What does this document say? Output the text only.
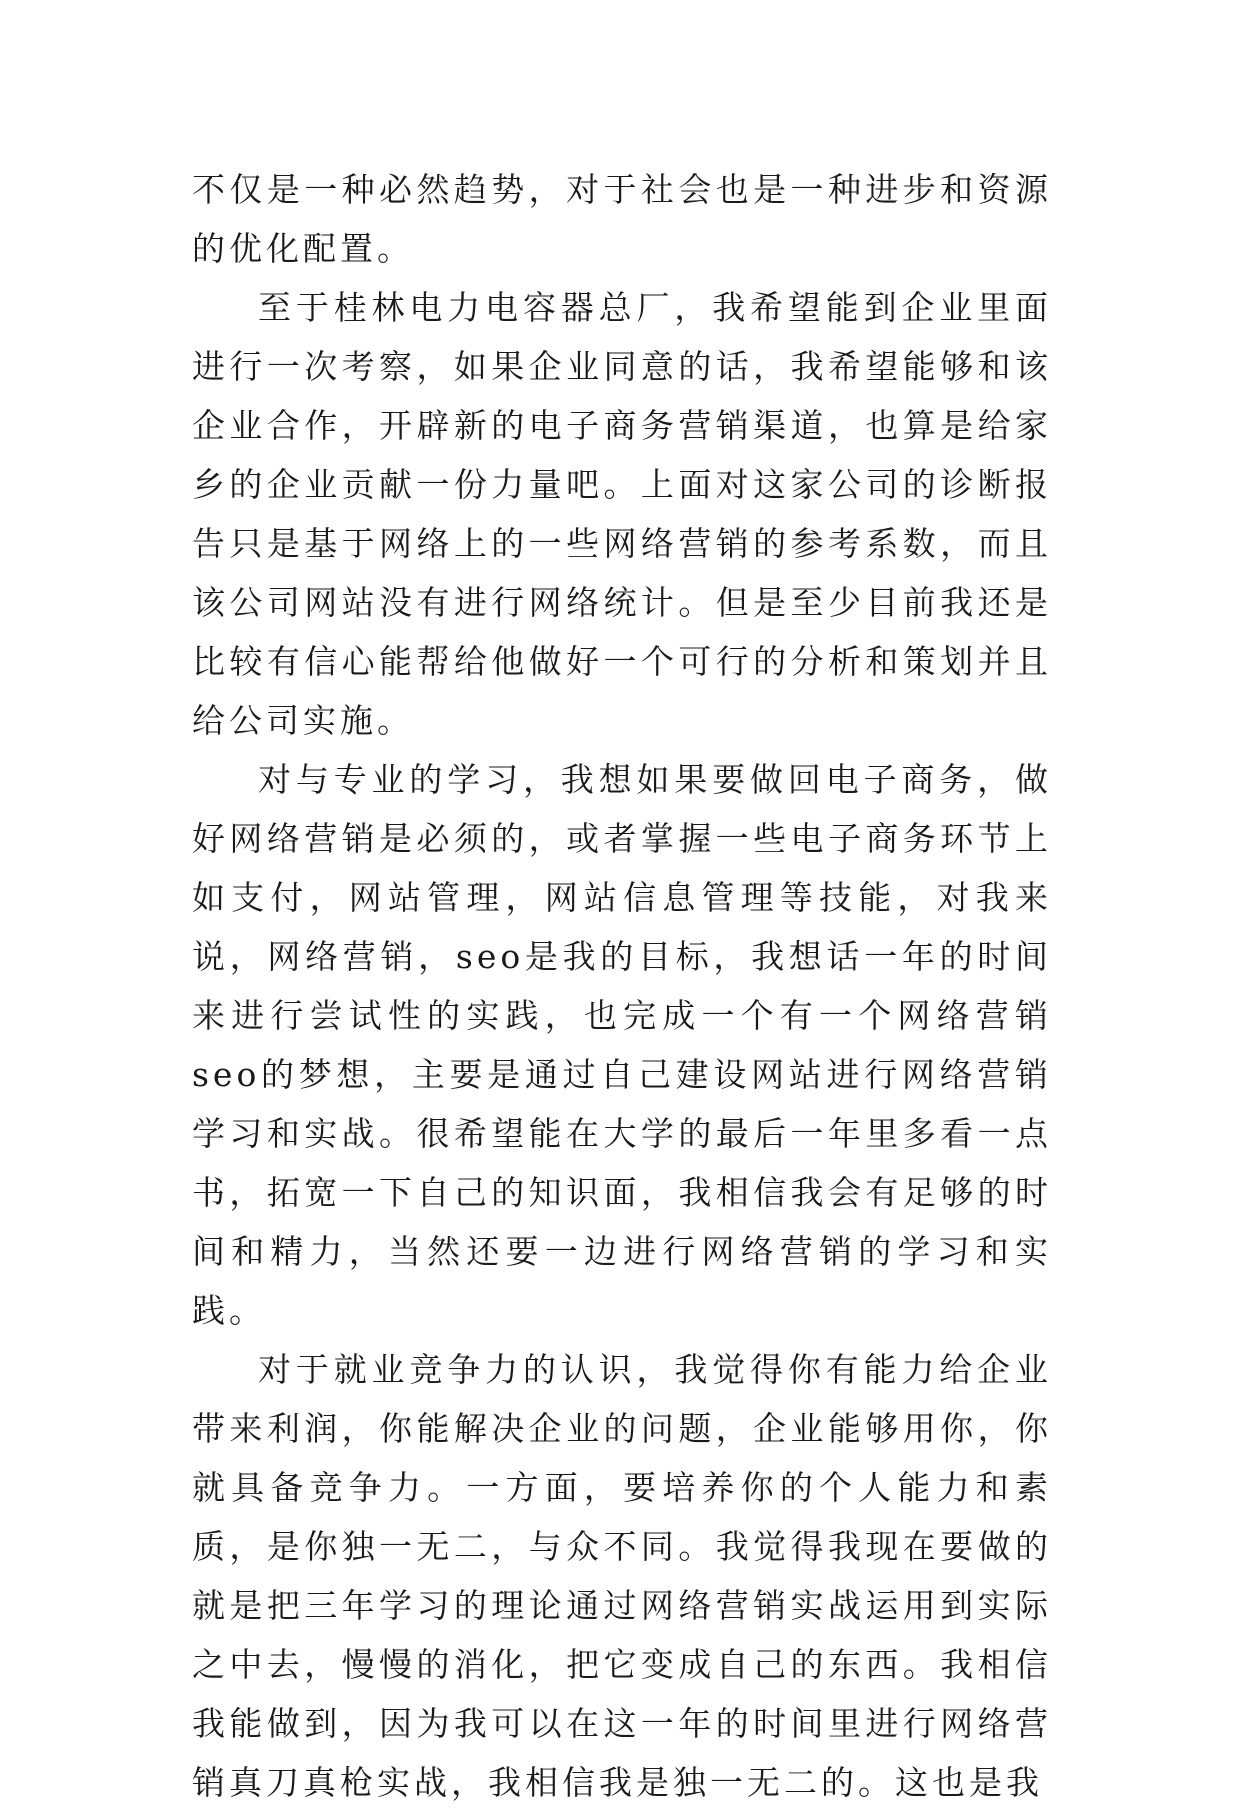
不仅是一种必然趋势，对于社会也是一种进步和资源的优化配置。

至于桂林电力电容器总厂，我希望能到企业里面进行一次考察，如果企业同意的话，我希望能够和该企业合作，开辟新的电子商务营销渠道，也算是给家乡的企业贡献一份力量吧。上面对这家公司的诊断报告只是基于网络上的一些网络营销的参考系数，而且该公司网站没有进行网络统计。但是至少目前我还是比较有信心能帮给他做好一个可行的分析和策划并且给公司实施。

对与专业的学习，我想如果要做回电子商务，做好网络营销是必须的，或者掌握一些电子商务环节上如支付，网站管理，网站信息管理等技能，对我来说，网络营销，seo是我的目标，我想话一年的时间来进行尝试性的实践，也完成一个有一个网络营销seo的梦想，主要是通过自己建设网站进行网络营销学习和实战。很希望能在大学的最后一年里多看一点书，拓宽一下自己的知识面，我相信我会有足够的时间和精力，当然还要一边进行网络营销的学习和实践。

对于就业竞争力的认识，我觉得你有能力给企业带来利润，你能解决企业的问题，企业能够用你，你就具备竞争力。一方面，要培养你的个人能力和素质，是你独一无二，与众不同。我觉得我现在要做的就是把三年学习的理论通过网络营销实战运用到实际之中去，慢慢的消化，把它变成自己的东西。我相信我能做到，因为我可以在这一年的时间里进行网络营销真刀真枪实战，我相信我是独一无二的。这也是我
